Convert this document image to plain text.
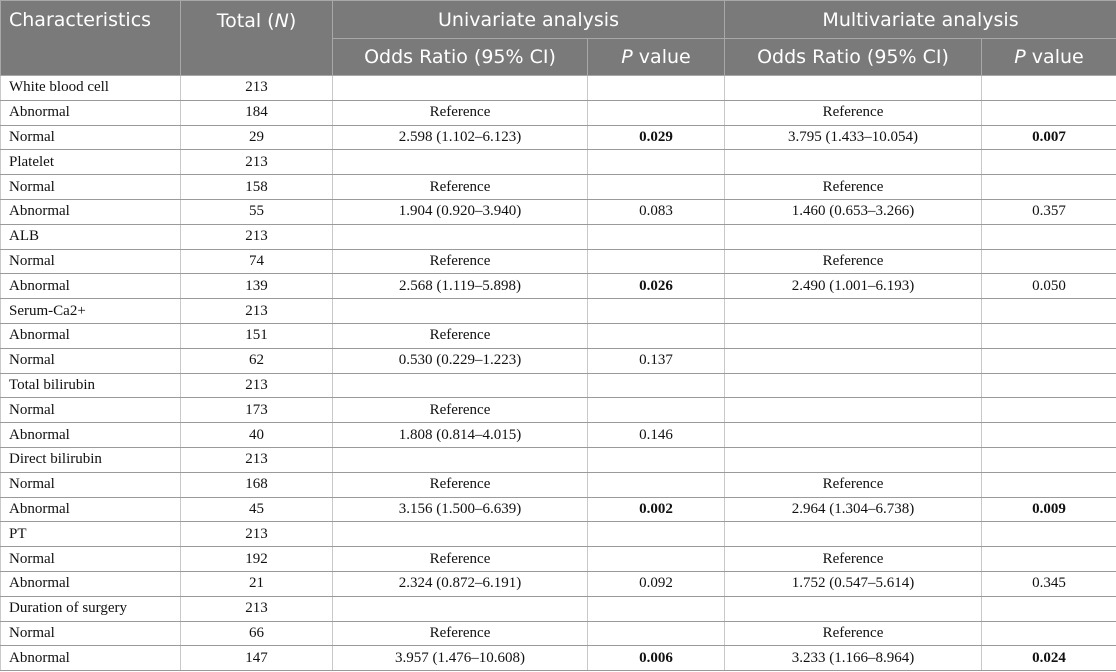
Characteristics	Total (N)	Univariate analysis		Multivariate analysis	
		Odds Ratio (95% CI)	P value	Odds Ratio (95% CI)	P value
White blood cell	213				
Abnormal	184	Reference		Reference	
Normal	29	2.598 (1.102–6.123)	0.029	3.795 (1.433–10.054)	0.007
Platelet	213				
Normal	158	Reference		Reference	
Abnormal	55	1.904 (0.920–3.940)	0.083	1.460 (0.653–3.266)	0.357
ALB	213				
Normal	74	Reference		Reference	
Abnormal	139	2.568 (1.119–5.898)	0.026	2.490 (1.001–6.193)	0.050
Serum-Ca2+	213				
Abnormal	151	Reference			
Normal	62	0.530 (0.229–1.223)	0.137		
Total bilirubin	213				
Normal	173	Reference			
Abnormal	40	1.808 (0.814–4.015)	0.146		
Direct bilirubin	213				
Normal	168	Reference		Reference	
Abnormal	45	3.156 (1.500–6.639)	0.002	2.964 (1.304–6.738)	0.009
PT	213				
Normal	192	Reference		Reference	
Abnormal	21	2.324 (0.872–6.191)	0.092	1.752 (0.547–5.614)	0.345
Duration of surgery	213				
Normal	66	Reference		Reference	
Abnormal	147	3.957 (1.476–10.608)	0.006	3.233 (1.166–8.964)	0.024
